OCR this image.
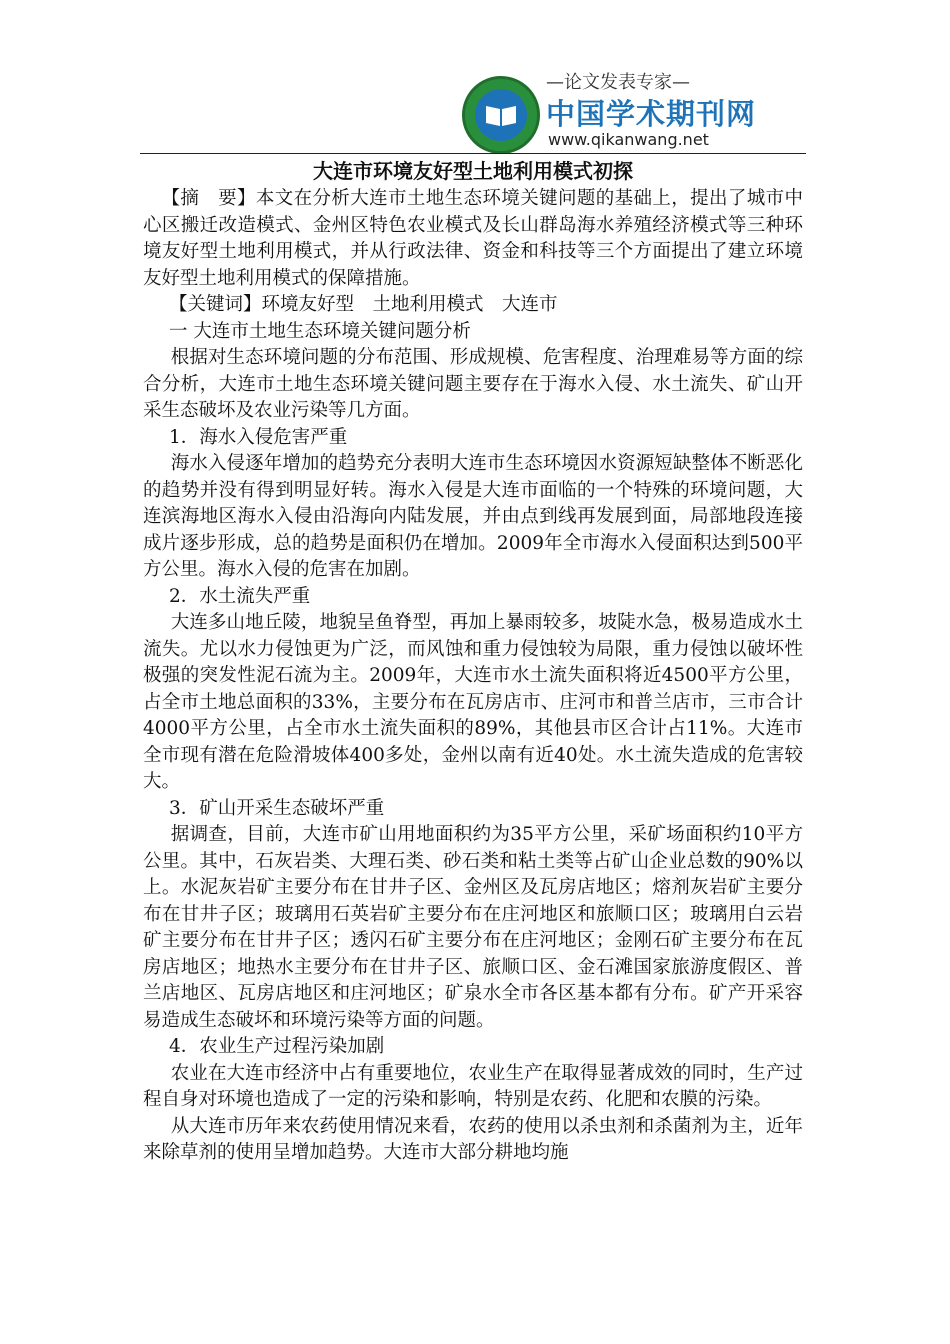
—论文发表专家—
中国学术期刊网
www.qikanwang.net
大连市环境友好型土地利用模式初探

【摘　要】本文在分析大连市土地生态环境关键问题的基础上，提出了城市中心区搬迁改造模式、金州区特色农业模式及长山群岛海水养殖经济模式等三种环境友好型土地利用模式，并从行政法律、资金和科技等三个方面提出了建立环境友好型土地利用模式的保障措施。

【关键词】环境友好型　土地利用模式　大连市

一 大连市土地生态环境关键问题分析

根据对生态环境问题的分布范围、形成规模、危害程度、治理难易等方面的综合分析，大连市土地生态环境关键问题主要存在于海水入侵、水土流失、矿山开采生态破坏及农业污染等几方面。

1．海水入侵危害严重

海水入侵逐年增加的趋势充分表明大连市生态环境因水资源短缺整体不断恶化的趋势并没有得到明显好转。海水入侵是大连市面临的一个特殊的环境问题，大连滨海地区海水入侵由沿海向内陆发展，并由点到线再发展到面，局部地段连接成片逐步形成，总的趋势是面积仍在增加。2009年全市海水入侵面积达到500平方公里。海水入侵的危害在加剧。

2．水土流失严重

大连多山地丘陵，地貌呈鱼脊型，再加上暴雨较多，坡陡水急，极易造成水土流失。尤以水力侵蚀更为广泛，而风蚀和重力侵蚀较为局限，重力侵蚀以破坏性极强的突发性泥石流为主。2009年，大连市水土流失面积将近4500平方公里，占全市土地总面积的33%，主要分布在瓦房店市、庄河市和普兰店市，三市合计4000平方公里，占全市水土流失面积的89%，其他县市区合计占11%。大连市全市现有潜在危险滑坡体400多处，金州以南有近40处。水土流失造成的危害较大。

3．矿山开采生态破坏严重

据调查，目前，大连市矿山用地面积约为35平方公里，采矿场面积约10平方公里。其中，石灰岩类、大理石类、砂石类和粘土类等占矿山企业总数的90%以上。水泥灰岩矿主要分布在甘井子区、金州区及瓦房店地区；熔剂灰岩矿主要分布在甘井子区；玻璃用石英岩矿主要分布在庄河地区和旅顺口区；玻璃用白云岩矿主要分布在甘井子区；透闪石矿主要分布在庄河地区；金刚石矿主要分布在瓦房店地区；地热水主要分布在甘井子区、旅顺口区、金石滩国家旅游度假区、普兰店地区、瓦房店地区和庄河地区；矿泉水全市各区基本都有分布。矿产开采容易造成生态破坏和环境污染等方面的问题。

4．农业生产过程污染加剧

农业在大连市经济中占有重要地位，农业生产在取得显著成效的同时，生产过程自身对环境也造成了一定的污染和影响，特别是农药、化肥和农膜的污染。

从大连市历年来农药使用情况来看，农药的使用以杀虫剂和杀菌剂为主，近年来除草剂的使用呈增加趋势。大连市大部分耕地均施
